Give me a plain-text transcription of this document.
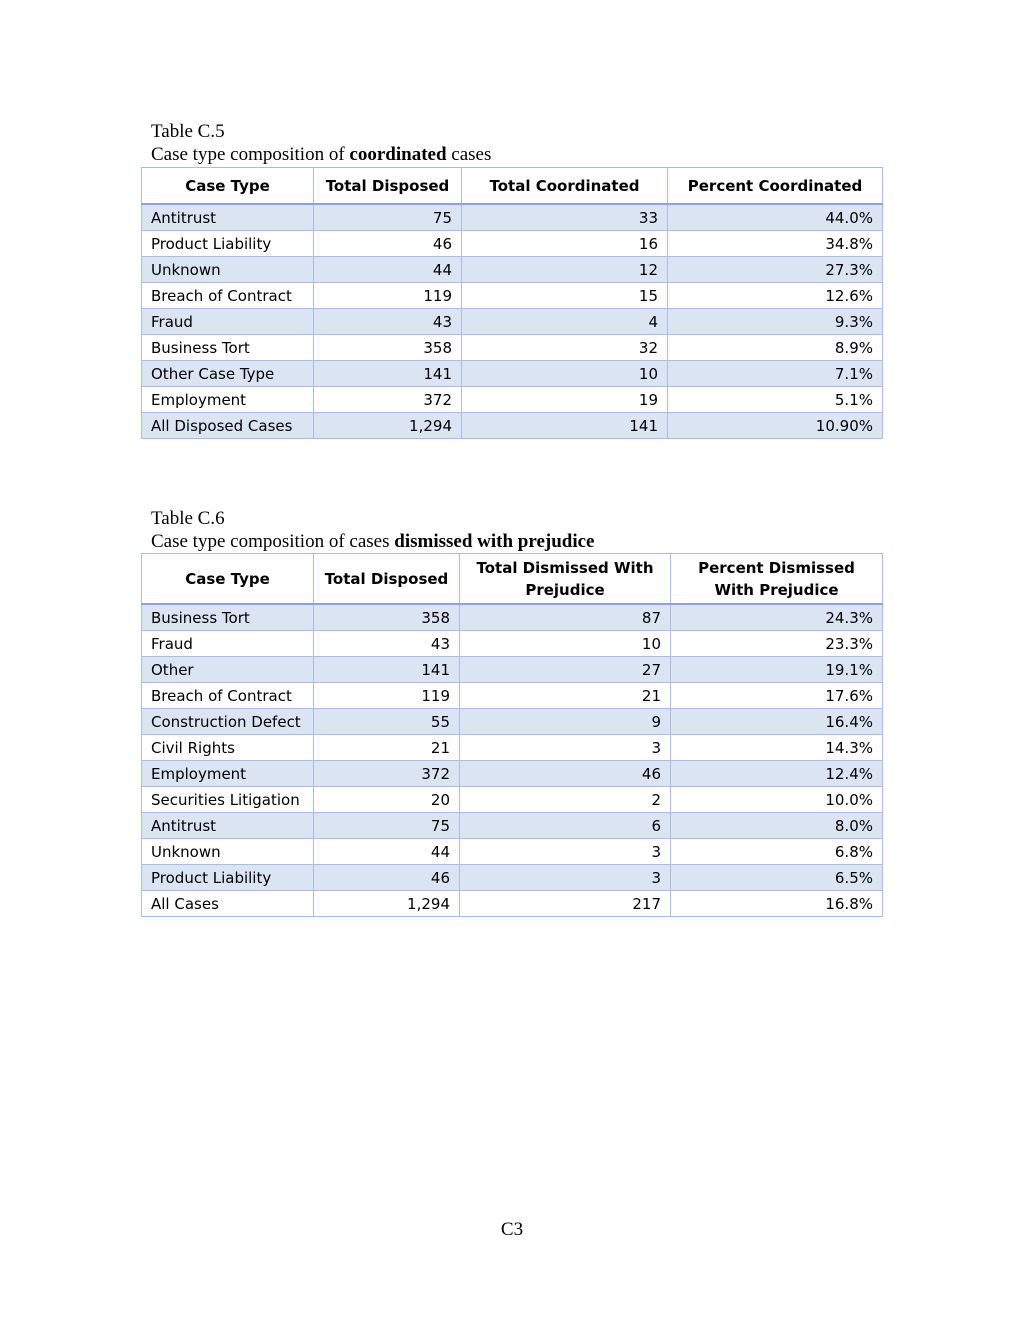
Table C.5
Case type composition of coordinated cases
Case Type	Total Disposed	Total Coordinated	Percent Coordinated
Antitrust	75	33	44.0%
Product Liability	46	16	34.8%
Unknown	44	12	27.3%
Breach of Contract	119	15	12.6%
Fraud	43	4	9.3%
Business Tort	358	32	8.9%
Other Case Type	141	10	7.1%
Employment	372	19	5.1%
All Disposed Cases	1,294	141	10.90%
Table C.6
Case type composition of cases dismissed with prejudice
Case Type	Total Disposed	Total Dismissed With Prejudice	Percent Dismissed With Prejudice
Business Tort	358	87	24.3%
Fraud	43	10	23.3%
Other	141	27	19.1%
Breach of Contract	119	21	17.6%
Construction Defect	55	9	16.4%
Civil Rights	21	3	14.3%
Employment	372	46	12.4%
Securities Litigation	20	2	10.0%
Antitrust	75	6	8.0%
Unknown	44	3	6.8%
Product Liability	46	3	6.5%
All Cases	1,294	217	16.8%
C3
